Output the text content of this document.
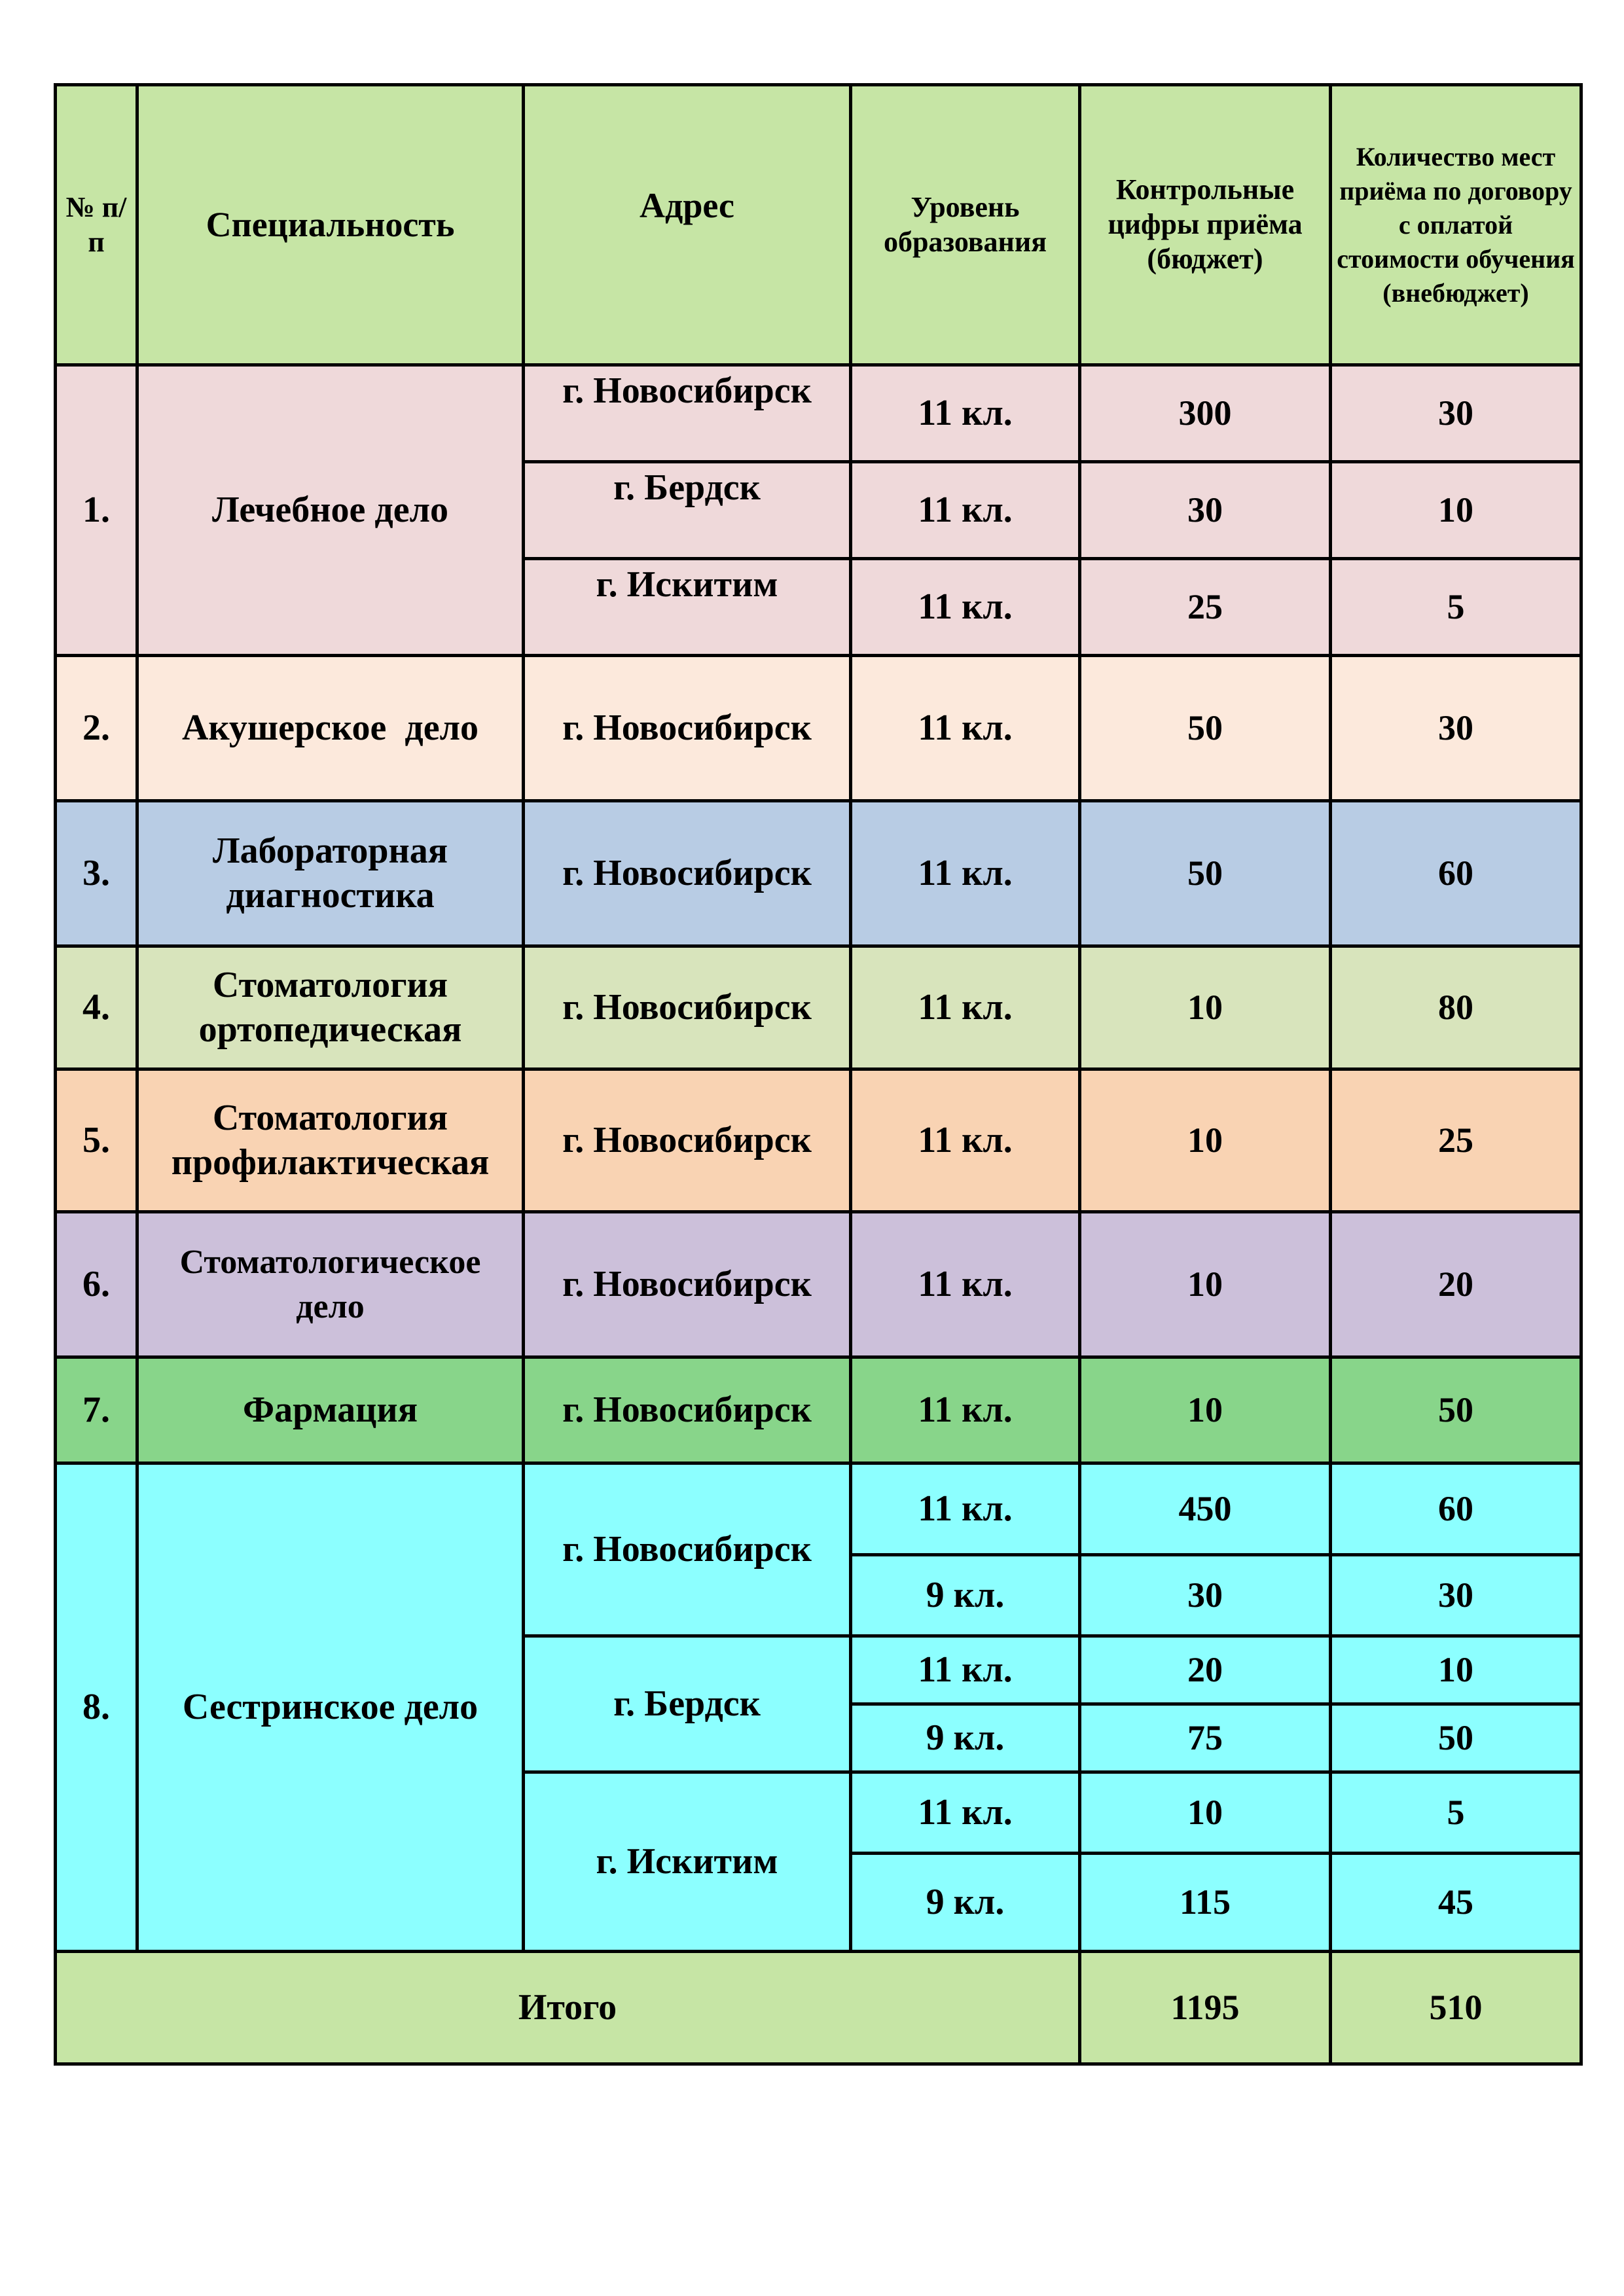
№ п/п	Специальность	Адрес	Уровень образования	Контрольные цифры приёма (бюджет)	Количество мест приёма по договору с оплатой стоимости обучения (внебюджет)
1.	Лечебное дело	г. Новосибирск	11 кл.	300	30
		г. Бердск	11 кл.	30	10
		г. Искитим	11 кл.	25	5
2.	Акушерское  дело	г. Новосибирск	11 кл.	50	30
3.	Лабораторная диагностика	г. Новосибирск	11 кл.	50	60
4.	Стоматология ортопедическая	г. Новосибирск	11 кл.	10	80
5.	Стоматология профилактическая	г. Новосибирск	11 кл.	10	25
6.	Стоматологическое дело	г. Новосибирск	11 кл.	10	20
7.	Фармация	г. Новосибирск	11 кл.	10	50
8.	Сестринское дело	г. Новосибирск	11 кл.	450	60
			9 кл.	30	30
		г. Бердск	11 кл.	20	10
			9 кл.	75	50
		г. Искитим	11 кл.	10	5
			9 кл.	115	45
Итого				1195	510
